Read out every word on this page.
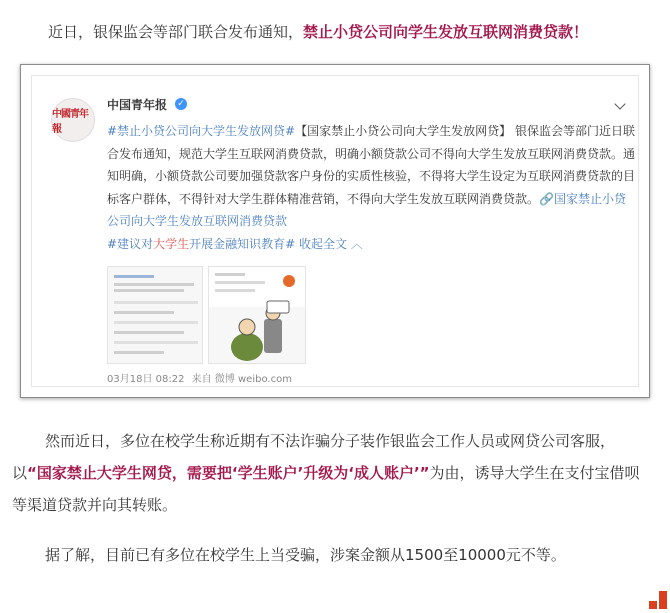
近日，银保监会等部门联合发布通知，禁止小贷公司向学生发放互联网消费贷款！
中國青年報
中国青年报 ✓
#禁止小贷公司向大学生发放网贷#【国家禁止小贷公司向大学生发放网贷】 银保监会等部门近日联合发布通知，规范大学生互联网消费贷款，明确小额贷款公司不得向大学生发放互联网消费贷款。通知明确，小额贷款公司要加强贷款客户身份的实质性核验，不得将大学生设定为互联网消费贷款的目标客户群体，不得针对大学生群体精准营销，不得向大学生发放互联网消费贷款。🔗国家禁止小贷公司向大学生发放互联网消费贷款
#建议对大学生开展金融知识教育# 收起全文 ︿
03月18日 08:22 来自 微博 weibo.com
然而近日，多位在校学生称近期有不法诈骗分子装作银监会工作人员或网贷公司客服，以“国家禁止大学生网贷，需要把‘学生账户’升级为‘成人账户’”为由，诱导大学生在支付宝借呗等渠道贷款并向其转账。
据了解，目前已有多位在校学生上当受骗，涉案金额从1500至10000元不等。
